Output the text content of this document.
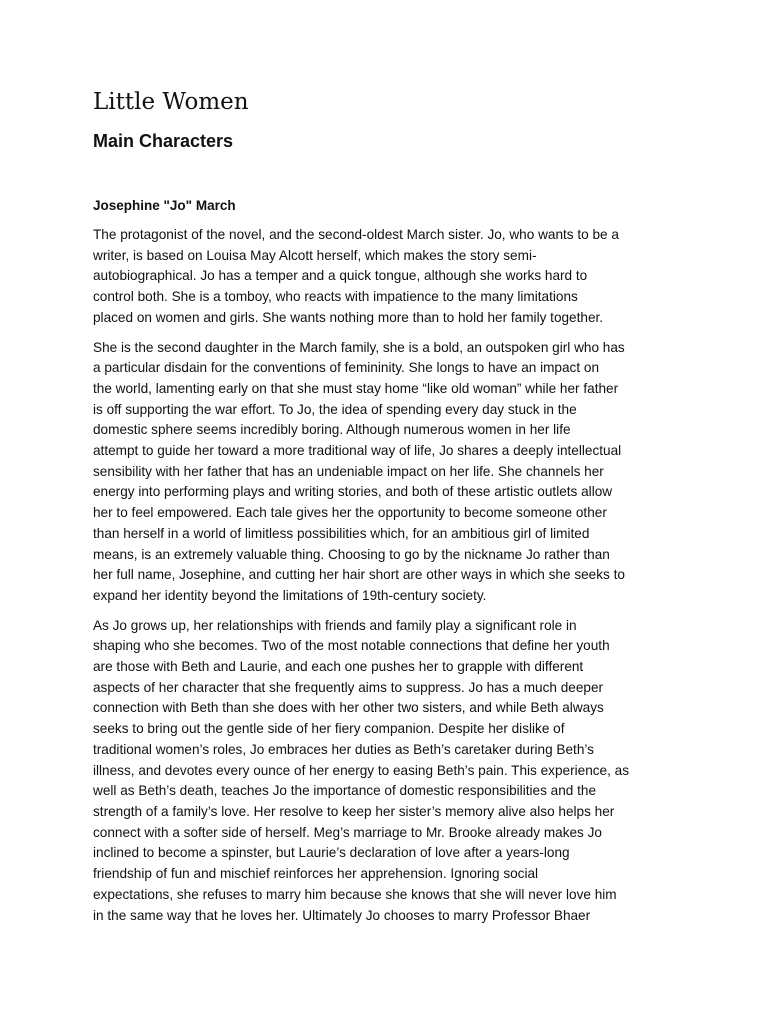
Little Women
Main Characters
Josephine "Jo" March

The protagonist of the novel, and the second-oldest March sister. Jo, who wants to be a
writer, is based on Louisa May Alcott herself, which makes the story semi-
autobiographical. Jo has a temper and a quick tongue, although she works hard to
control both. She is a tomboy, who reacts with impatience to the many limitations
placed on women and girls. She wants nothing more than to hold her family together.

She is the second daughter in the March family, she is a bold, an outspoken girl who has
a particular disdain for the conventions of femininity. She longs to have an impact on
the world, lamenting early on that she must stay home “like old woman” while her father
is off supporting the war effort. To Jo, the idea of spending every day stuck in the
domestic sphere seems incredibly boring. Although numerous women in her life
attempt to guide her toward a more traditional way of life, Jo shares a deeply intellectual
sensibility with her father that has an undeniable impact on her life. She channels her
energy into performing plays and writing stories, and both of these artistic outlets allow
her to feel empowered. Each tale gives her the opportunity to become someone other
than herself in a world of limitless possibilities which, for an ambitious girl of limited
means, is an extremely valuable thing. Choosing to go by the nickname Jo rather than
her full name, Josephine, and cutting her hair short are other ways in which she seeks to
expand her identity beyond the limitations of 19th-century society.

As Jo grows up, her relationships with friends and family play a significant role in
shaping who she becomes. Two of the most notable connections that define her youth
are those with Beth and Laurie, and each one pushes her to grapple with different
aspects of her character that she frequently aims to suppress. Jo has a much deeper
connection with Beth than she does with her other two sisters, and while Beth always
seeks to bring out the gentle side of her fiery companion. Despite her dislike of
traditional women’s roles, Jo embraces her duties as Beth’s caretaker during Beth’s
illness, and devotes every ounce of her energy to easing Beth’s pain. This experience, as
well as Beth’s death, teaches Jo the importance of domestic responsibilities and the
strength of a family’s love. Her resolve to keep her sister’s memory alive also helps her
connect with a softer side of herself. Meg’s marriage to Mr. Brooke already makes Jo
inclined to become a spinster, but Laurie’s declaration of love after a years-long
friendship of fun and mischief reinforces her apprehension. Ignoring social
expectations, she refuses to marry him because she knows that she will never love him
in the same way that he loves her. Ultimately Jo chooses to marry Professor Bhaer
